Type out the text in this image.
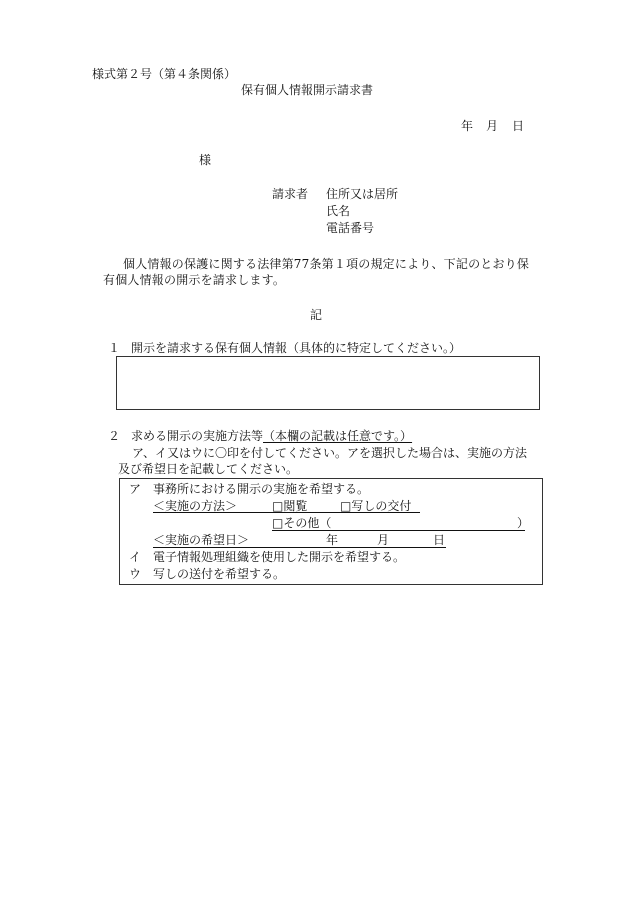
様式第２号（第４条関係）
保有個人情報開示請求書
年 月 日
様
請求者 住所又は居所
氏名
電話番号
個人情報の保護に関する法律第77条第１項の規定により、下記のとおり保有個人情報の開示を請求します。
記
１ 開示を請求する保有個人情報（具体的に特定してください。）
２ 求める開示の実施方法等（本欄の記載は任意です。）
ア、イ又はウに〇印を付してください。アを選択した場合は、実施の方法及び希望日を記載してください。
ア 事務所における開示の実施を希望する。
＜実施の方法＞	□閲覧	□写しの交付
□その他（	）
＜実施の希望日＞	年	月	日
イ 電子情報処理組織を使用した開示を希望する。
ウ 写しの送付を希望する。
